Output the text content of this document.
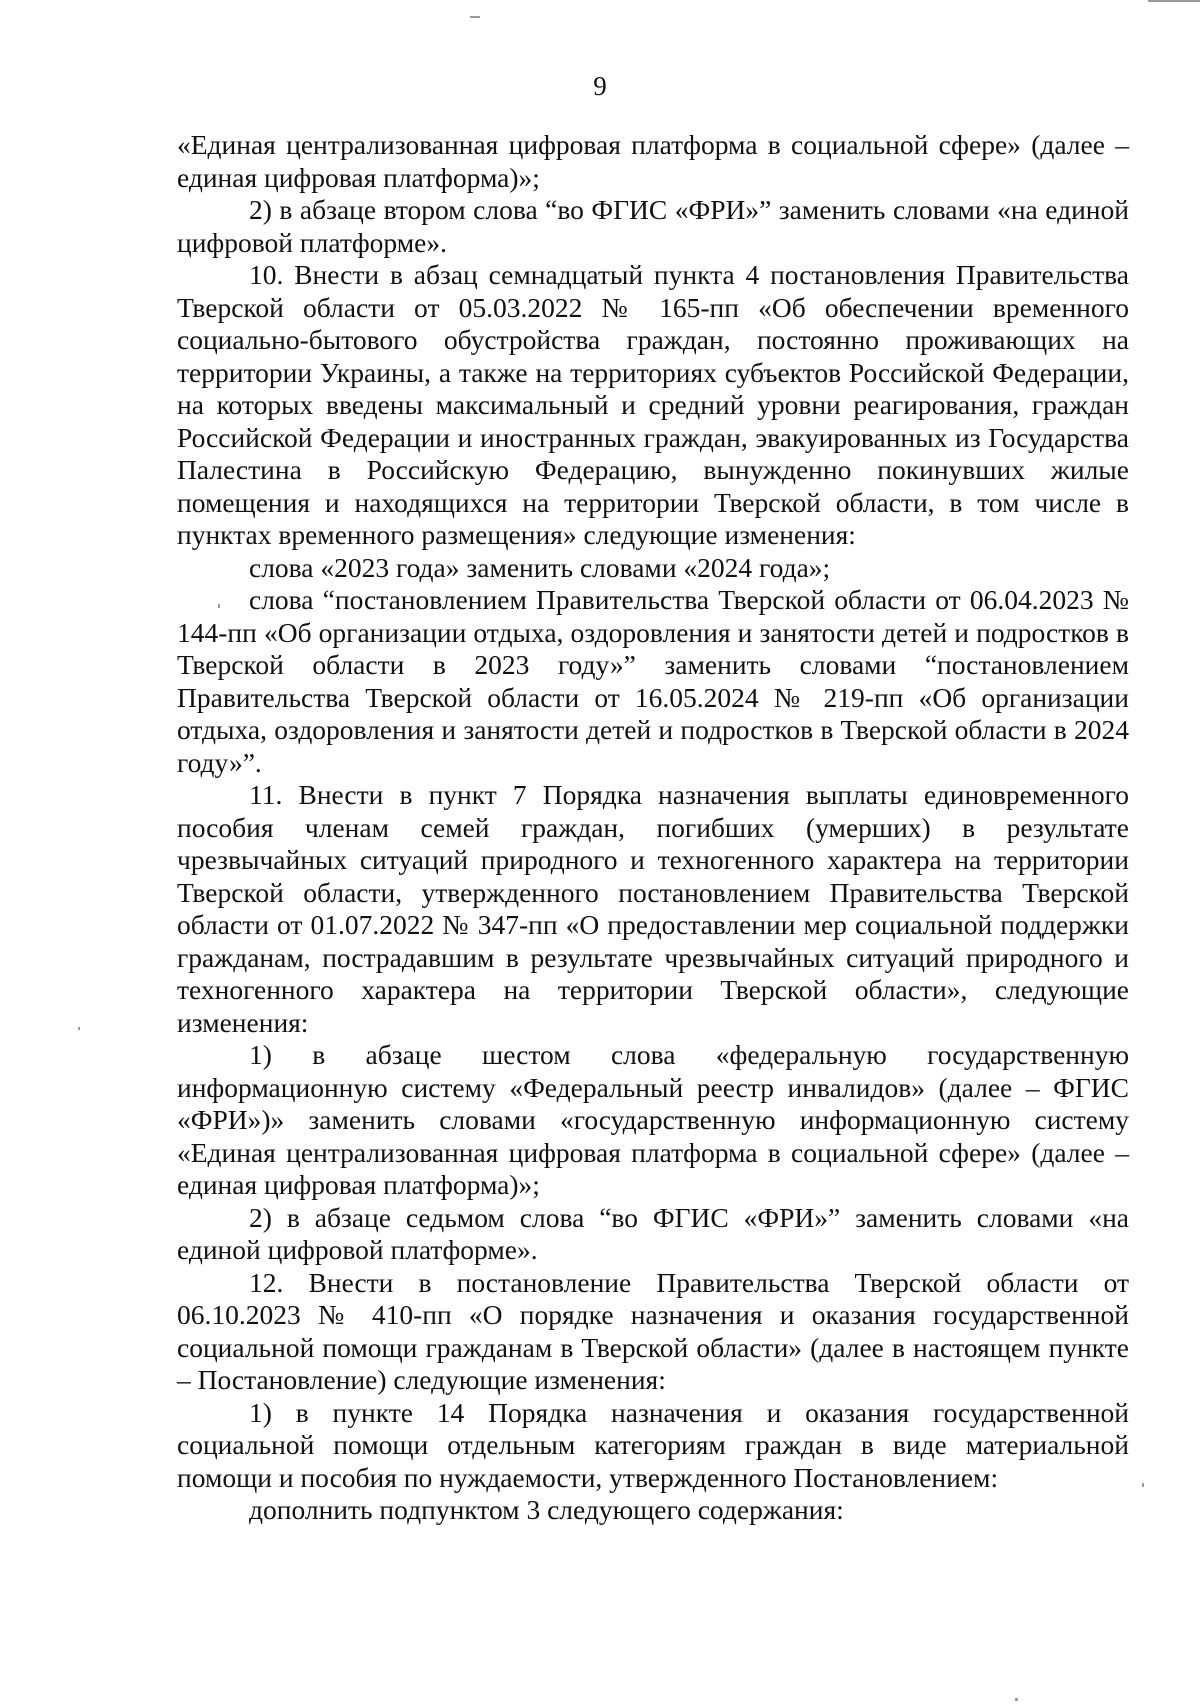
9

«Единая централизованная цифровая платформа в социальной сфере» (далее – единая цифровая платформа)»;

2) в абзаце втором слова “во ФГИС «ФРИ»” заменить словами «на единой цифровой платформе».

10. Внести в абзац семнадцатый пункта 4 постановления Правительства Тверской области от 05.03.2022 № 165-пп «Об обеспечении временного социально-бытового обустройства граждан, постоянно проживающих на территории Украины, а также на территориях субъектов Российской Федерации, на которых введены максимальный и средний уровни реагирования, граждан Российской Федерации и иностранных граждан, эвакуированных из Государства Палестина в Российскую Федерацию, вынужденно покинувших жилые помещения и находящихся на территории Тверской области, в том числе в пунктах временного размещения» следующие изменения:

слова «2023 года» заменить словами «2024 года»;

слова “постановлением Правительства Тверской области от 06.04.2023 № 144-пп «Об организации отдыха, оздоровления и занятости детей и подростков в Тверской области в 2023 году»” заменить словами “постановлением Правительства Тверской области от 16.05.2024 № 219-пп «Об организации отдыха, оздоровления и занятости детей и подростков в Тверской области в 2024 году»”.

11. Внести в пункт 7 Порядка назначения выплаты единовременного пособия членам семей граждан, погибших (умерших) в результате чрезвычайных ситуаций природного и техногенного характера на территории Тверской области, утвержденного постановлением Правительства Тверской области от 01.07.2022 № 347-пп «О предоставлении мер социальной поддержки гражданам, пострадавшим в результате чрезвычайных ситуаций природного и техногенного характера на территории Тверской области», следующие изменения:

1) в абзаце шестом слова «федеральную государственную информационную систему «Федеральный реестр инвалидов» (далее – ФГИС «ФРИ»)» заменить словами «государственную информационную систему «Единая централизованная цифровая платформа в социальной сфере» (далее – единая цифровая платформа)»;

2) в абзаце седьмом слова “во ФГИС «ФРИ»” заменить словами «на единой цифровой платформе».

12. Внести в постановление Правительства Тверской области от 06.10.2023 № 410-пп «О порядке назначения и оказания государственной социальной помощи гражданам в Тверской области» (далее в настоящем пункте – Постановление) следующие изменения:

1) в пункте 14 Порядка назначения и оказания государственной социальной помощи отдельным категориям граждан в виде материальной помощи и пособия по нуждаемости, утвержденного Постановлением:

дополнить подпунктом 3 следующего содержания:
